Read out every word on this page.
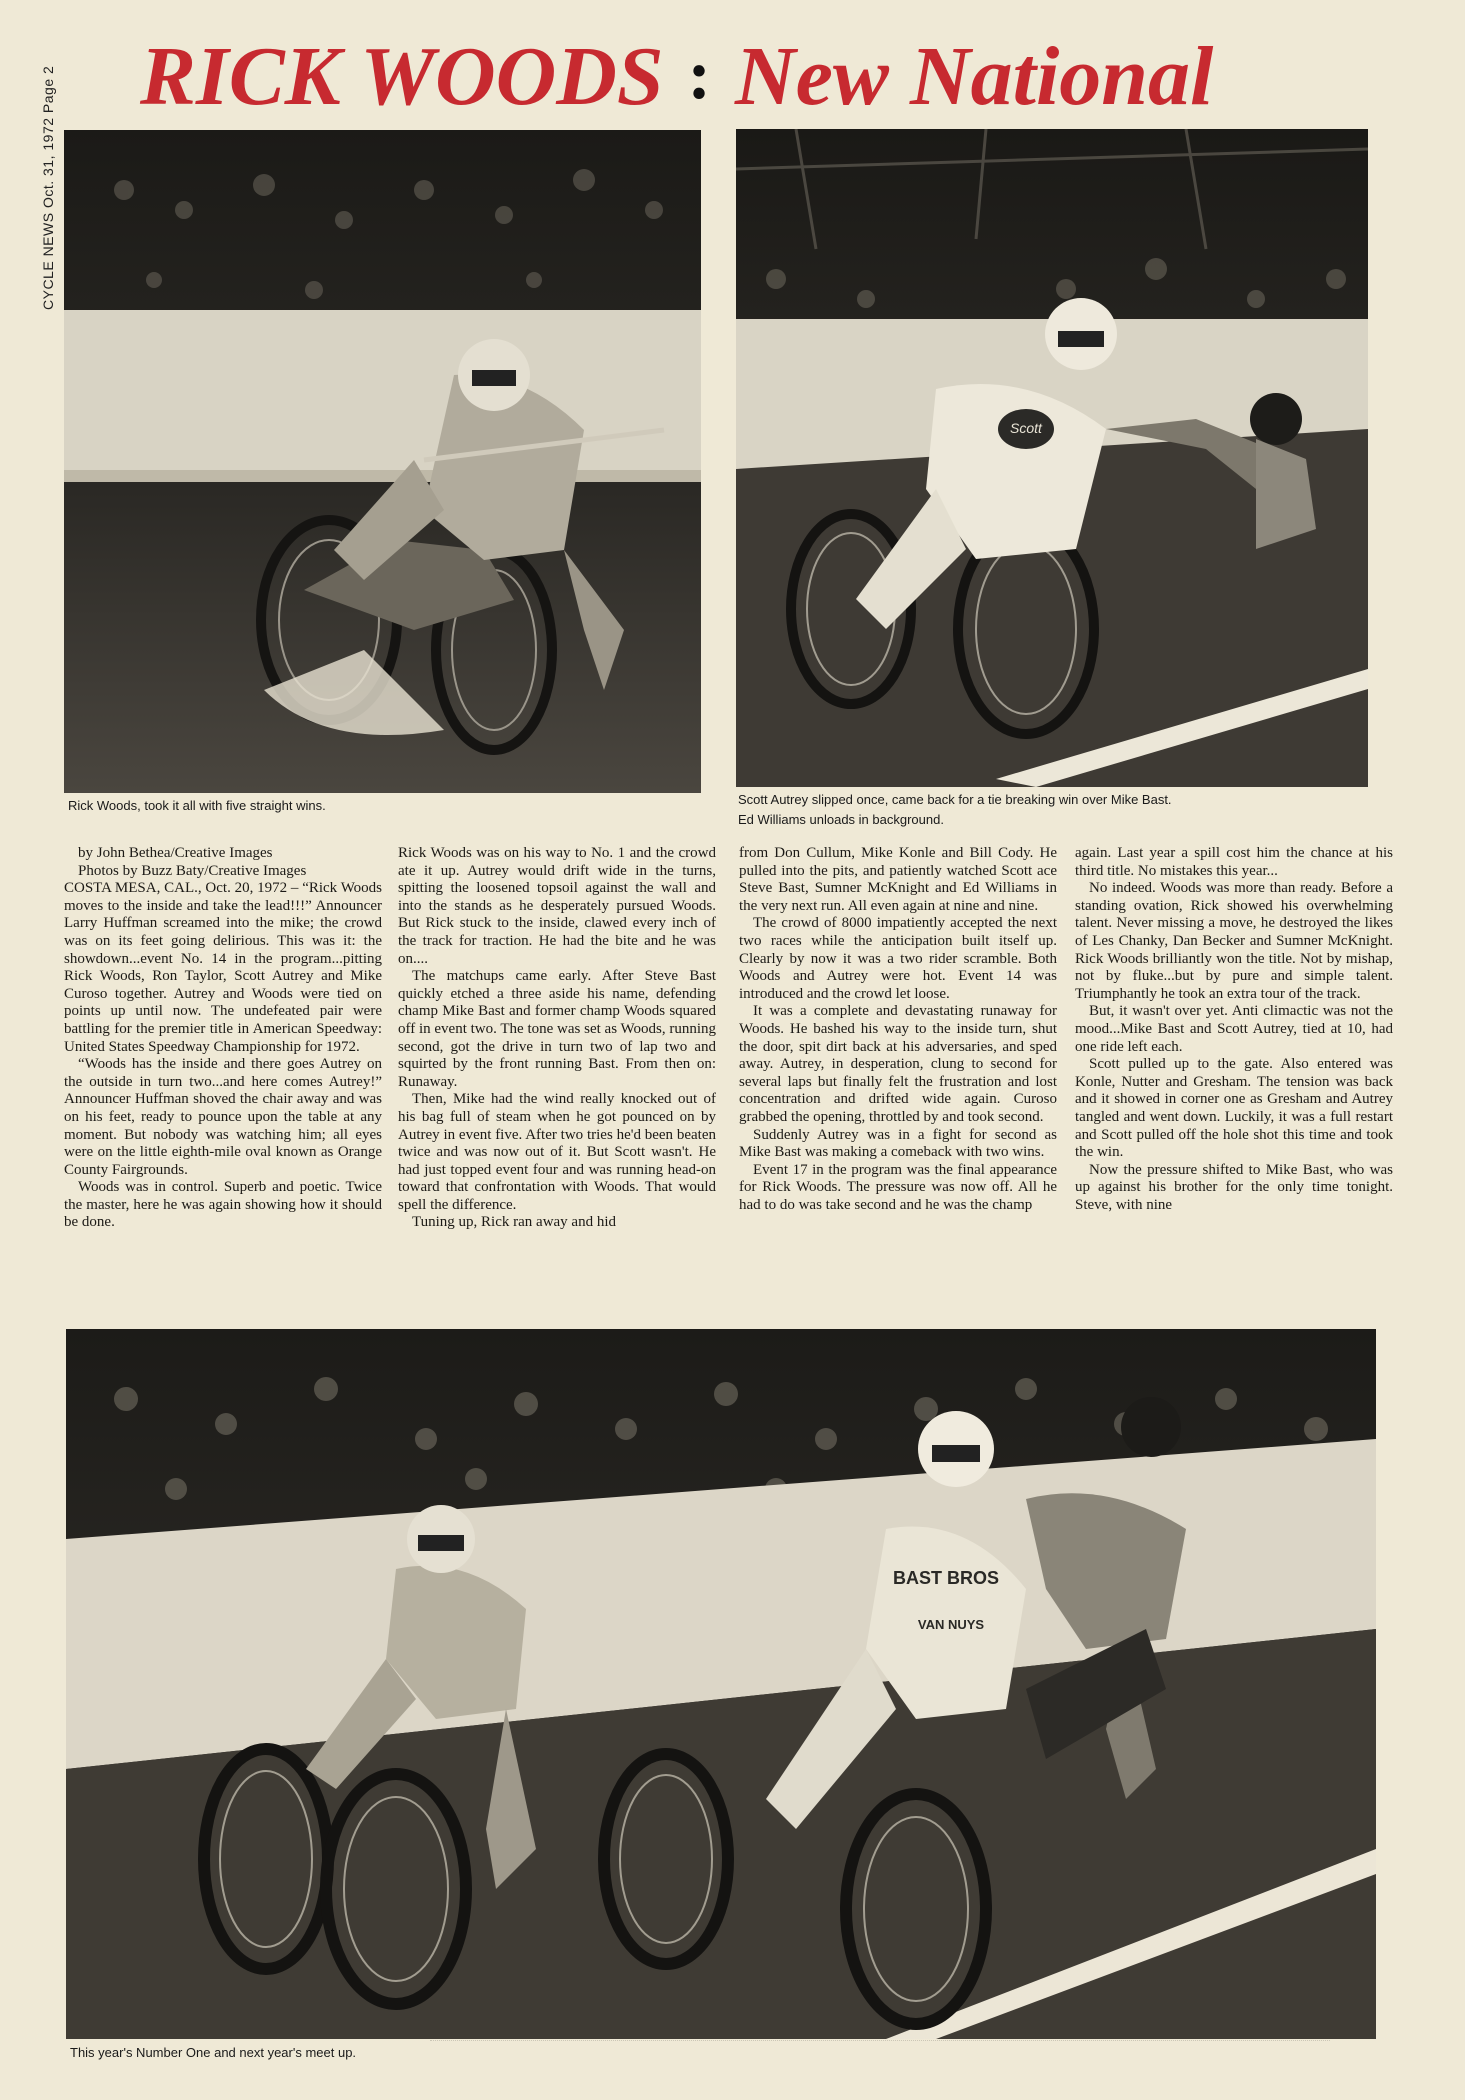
CYCLE NEWS Oct. 31, 1972 Page 2 RICK WOODS : New National
Rick Woods, took it all with five straight wins.
Scott
Scott Autrey slipped once, came back for a tie breaking win over Mike Bast.
Ed Williams unloads in background.

by John Bethea/Creative Images

Photos by Buzz Baty/Creative Images

COSTA MESA, CAL., Oct. 20, 1972 – “Rick Woods moves to the inside and take the lead!!!” Announcer Larry Huffman screamed into the mike; the crowd was on its feet going delirious. This was it: the showdown...event No. 14 in the program...pitting Rick Woods, Ron Taylor, Scott Autrey and Mike Curoso together. Autrey and Woods were tied on points up until now. The undefeated pair were battling for the premier title in American Speedway: United States Speedway Championship for 1972.

“Woods has the inside and there goes Autrey on the outside in turn two...and here comes Autrey!” Announcer Huffman shoved the chair away and was on his feet, ready to pounce upon the table at any moment. But nobody was watching him; all eyes were on the little eighth-mile oval known as Orange County Fairgrounds.

Woods was in control. Superb and poetic. Twice the master, here he was again showing how it should be done.

Rick Woods was on his way to No. 1 and the crowd ate it up. Autrey would drift wide in the turns, spitting the loosened topsoil against the wall and into the stands as he desperately pursued Woods. But Rick stuck to the inside, clawed every inch of the track for traction. He had the bite and he was on....

The matchups came early. After Steve Bast quickly etched a three aside his name, defending champ Mike Bast and former champ Woods squared off in event two. The tone was set as Woods, running second, got the drive in turn two of lap two and squirted by the front running Bast. From then on: Runaway.

Then, Mike had the wind really knocked out of his bag full of steam when he got pounced on by Autrey in event five. After two tries he'd been beaten twice and was now out of it. But Scott wasn't. He had just topped event four and was running head-on toward that confrontation with Woods. That would spell the difference.

Tuning up, Rick ran away and hid

from Don Cullum, Mike Konle and Bill Cody. He pulled into the pits, and patiently watched Scott ace Steve Bast, Sumner McKnight and Ed Williams in the very next run. All even again at nine and nine.

The crowd of 8000 impatiently accepted the next two races while the anticipation built itself up. Clearly by now it was a two rider scramble. Both Woods and Autrey were hot. Event 14 was introduced and the crowd let loose.

It was a complete and devastating runaway for Woods. He bashed his way to the inside turn, shut the door, spit dirt back at his adversaries, and sped away. Autrey, in desperation, clung to second for several laps but finally felt the frustration and lost concentration and drifted wide again. Curoso grabbed the opening, throttled by and took second.

Suddenly Autrey was in a fight for second as Mike Bast was making a comeback with two wins.

Event 17 in the program was the final appearance for Rick Woods. The pressure was now off. All he had to do was take second and he was the champ

again. Last year a spill cost him the chance at his third title. No mistakes this year...

No indeed. Woods was more than ready. Before a standing ovation, Rick showed his overwhelming talent. Never missing a move, he destroyed the likes of Les Chanky, Dan Becker and Sumner McKnight. Rick Woods brilliantly won the title. Not by mishap, not by fluke...but by pure and simple talent. Triumphantly he took an extra tour of the track.

But, it wasn't over yet. Anti climactic was not the mood...Mike Bast and Scott Autrey, tied at 10, had one ride left each.

Scott pulled up to the gate. Also entered was Konle, Nutter and Gresham. The tension was back and it showed in corner one as Gresham and Autrey tangled and went down. Luckily, it was a full restart and Scott pulled off the hole shot this time and took the win.

Now the pressure shifted to Mike Bast, who was up against his brother for the only time tonight. Steve, with nine

BAST BROS
VAN NUYS
This year's Number One and next year's meet up.
